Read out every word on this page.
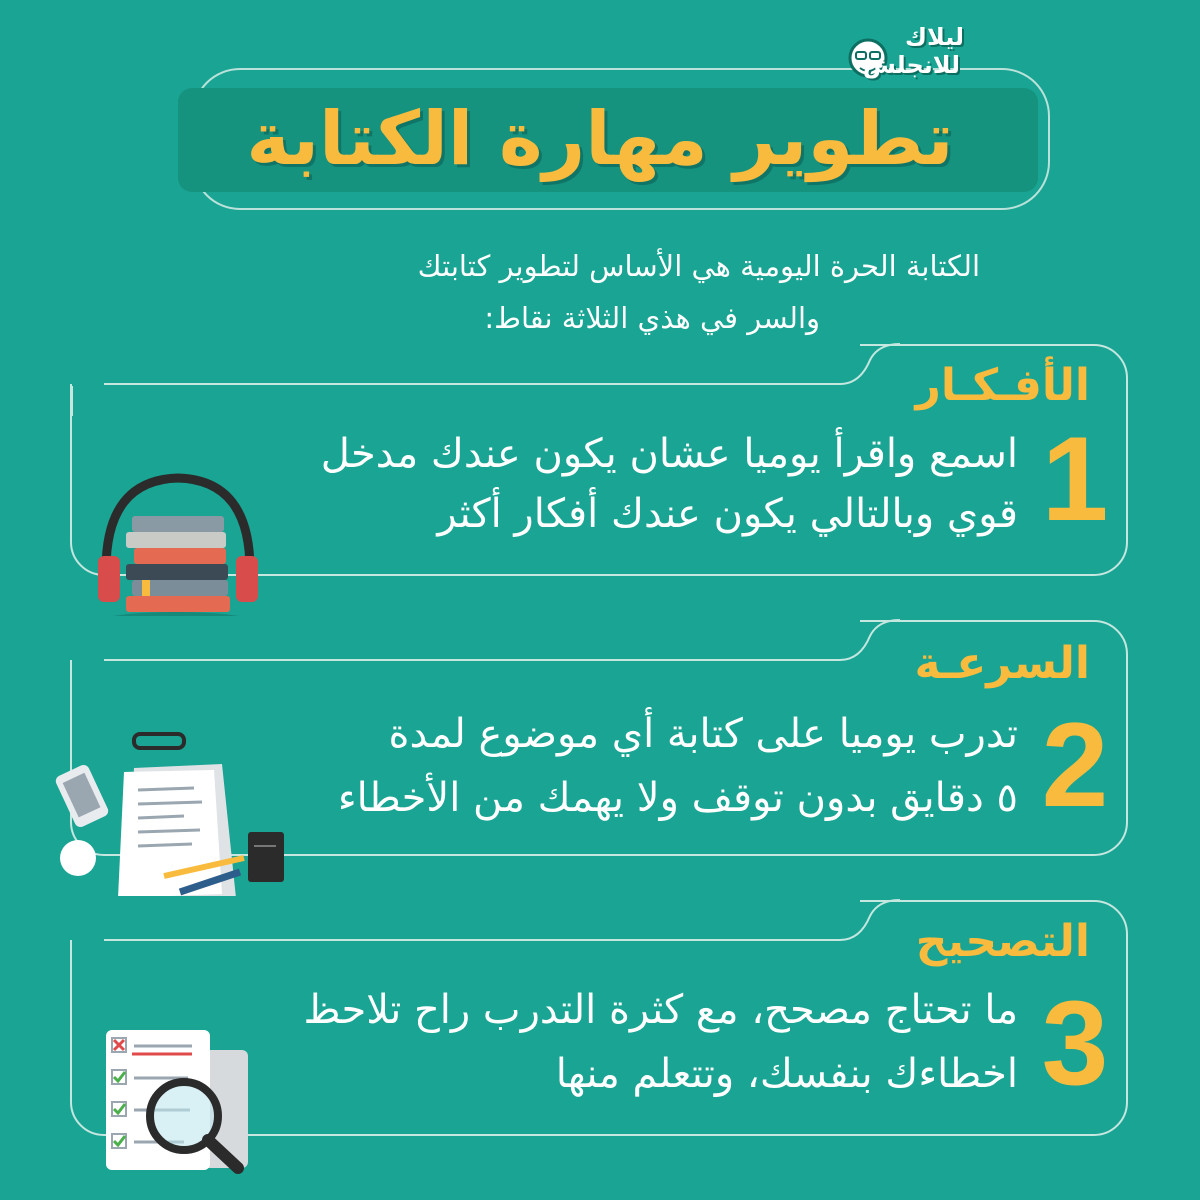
تطوير مهارة الكتابة
ليلاك
للانجلش
الكتابة الحرة اليومية هي الأساس لتطوير كتابتك
والسر في هذي الثلاثة نقاط:
الأفـكـار
1
اسمع واقرأ يوميا عشان يكون عندك مدخل
قوي وبالتالي يكون عندك أفكار أكثر
السرعـة
2
تدرب يوميا على كتابة أي موضوع لمدة
٥ دقايق بدون توقف ولا يهمك من الأخطاء
التصحيح
3
ما تحتاج مصحح، مع كثرة التدرب راح تلاحظ
اخطاءك بنفسك، وتتعلم منها
